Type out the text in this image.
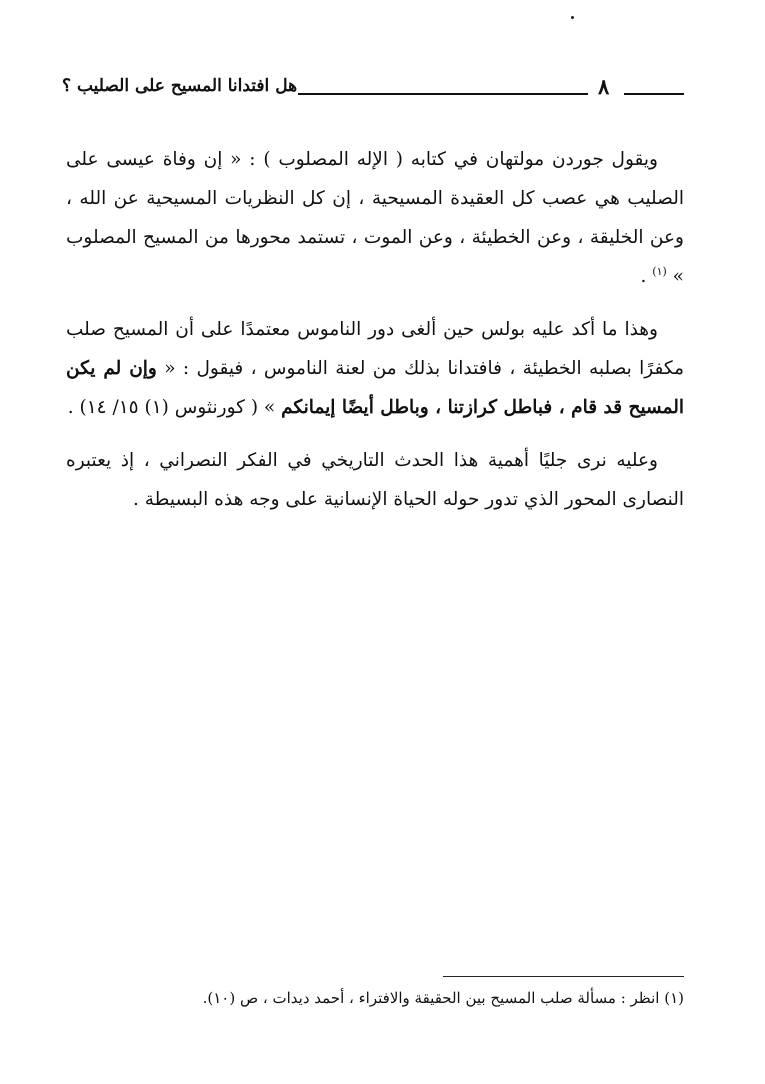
هل افتدانا المسيح على الصليب ؟	٨

ويقول جوردن مولتهان في كتابه ( الإله المصلوب ) : « إن وفاة عيسى على الصليب هي عصب كل العقيدة المسيحية ، إن كل النظريات المسيحية عن الله ، وعن الخليقة ، وعن الخطيئة ، وعن الموت ، تستمد محورها من المسيح المصلوب » $^{(١)}$ .

وهذا ما أكد عليه بولس حين ألغى دور الناموس معتمدًا على أن المسيح صلب مكفرًا بصلبه الخطيئة ، فافتدانا بذلك من لعنة الناموس ، فيقول : « وإن لم يكن المسيح قد قام ، فباطل كرازتنا ، وباطل أيضًا إيمانكم » ( كورنثوس (١) ١٥/ ١٤) .

وعليه نرى جليًا أهمية هذا الحدث التاريخي في الفكر النصراني ، إذ يعتبره النصارى المحور الذي تدور حوله الحياة الإنسانية على وجه هذه البسيطة .

(١) انظر : مسألة صلب المسيح بين الحقيقة والافتراء ، أحمد ديدات ، ص (١٠).
